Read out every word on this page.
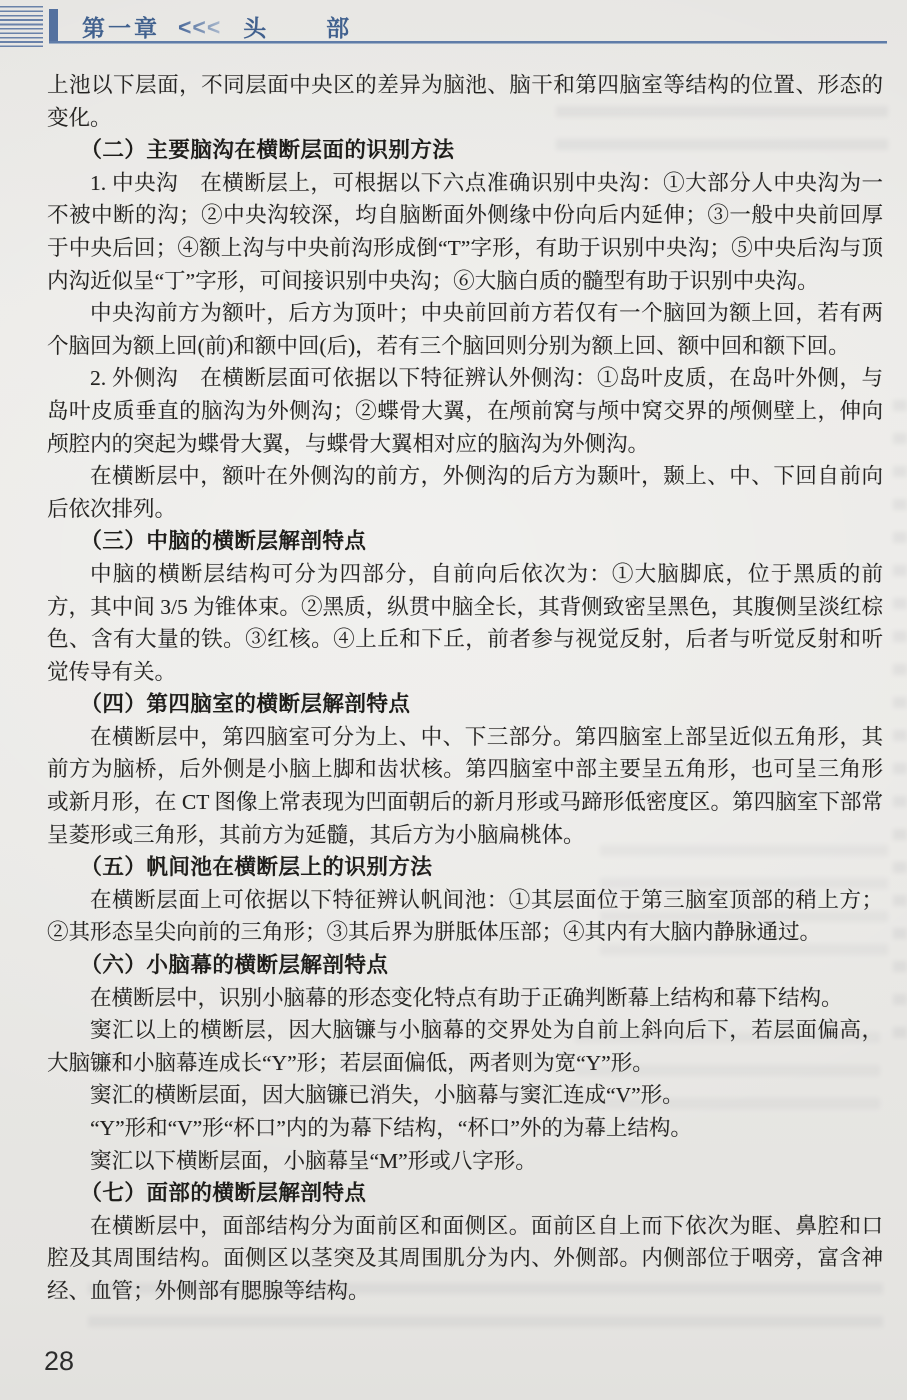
第一章 <<< 头部

上池以下层面，不同层面中央区的差异为脑池、脑干和第四脑室等结构的位置、形态的变化。

（二）主要脑沟在横断层面的识别方法

1. 中央沟　在横断层上，可根据以下六点准确识别中央沟：①大部分人中央沟为一不被中断的沟；②中央沟较深，均自脑断面外侧缘中份向后内延伸；③一般中央前回厚于中央后回；④额上沟与中央前沟形成倒“T”字形，有助于识别中央沟；⑤中央后沟与顶内沟近似呈“丁”字形，可间接识别中央沟；⑥大脑白质的髓型有助于识别中央沟。

中央沟前方为额叶，后方为顶叶；中央前回前方若仅有一个脑回为额上回，若有两个脑回为额上回(前)和额中回(后)，若有三个脑回则分别为额上回、额中回和额下回。

2. 外侧沟　在横断层面可依据以下特征辨认外侧沟：①岛叶皮质，在岛叶外侧，与岛叶皮质垂直的脑沟为外侧沟；②蝶骨大翼，在颅前窝与颅中窝交界的颅侧壁上，伸向颅腔内的突起为蝶骨大翼，与蝶骨大翼相对应的脑沟为外侧沟。

在横断层中，额叶在外侧沟的前方，外侧沟的后方为颞叶，颞上、中、下回自前向后依次排列。

（三）中脑的横断层解剖特点

中脑的横断层结构可分为四部分，自前向后依次为：①大脑脚底，位于黑质的前方，其中间 3/5 为锥体束。②黑质，纵贯中脑全长，其背侧致密呈黑色，其腹侧呈淡红棕色、含有大量的铁。③红核。④上丘和下丘，前者参与视觉反射，后者与听觉反射和听觉传导有关。

（四）第四脑室的横断层解剖特点

在横断层中，第四脑室可分为上、中、下三部分。第四脑室上部呈近似五角形，其前方为脑桥，后外侧是小脑上脚和齿状核。第四脑室中部主要呈五角形，也可呈三角形或新月形，在 CT 图像上常表现为凹面朝后的新月形或马蹄形低密度区。第四脑室下部常呈菱形或三角形，其前方为延髓，其后方为小脑扁桃体。

（五）帆间池在横断层上的识别方法

在横断层面上可依据以下特征辨认帆间池：①其层面位于第三脑室顶部的稍上方；②其形态呈尖向前的三角形；③其后界为胼胝体压部；④其内有大脑内静脉通过。

（六）小脑幕的横断层解剖特点

在横断层中，识别小脑幕的形态变化特点有助于正确判断幕上结构和幕下结构。

窦汇以上的横断层，因大脑镰与小脑幕的交界处为自前上斜向后下，若层面偏高，大脑镰和小脑幕连成长“Y”形；若层面偏低，两者则为宽“Y”形。

窦汇的横断层面，因大脑镰已消失，小脑幕与窦汇连成“V”形。

“Y”形和“V”形“杯口”内的为幕下结构，“杯口”外的为幕上结构。

窦汇以下横断层面，小脑幕呈“M”形或八字形。

（七）面部的横断层解剖特点

在横断层中，面部结构分为面前区和面侧区。面前区自上而下依次为眶、鼻腔和口腔及其周围结构。面侧区以茎突及其周围肌分为内、外侧部。内侧部位于咽旁，富含神经、血管；外侧部有腮腺等结构。

28
